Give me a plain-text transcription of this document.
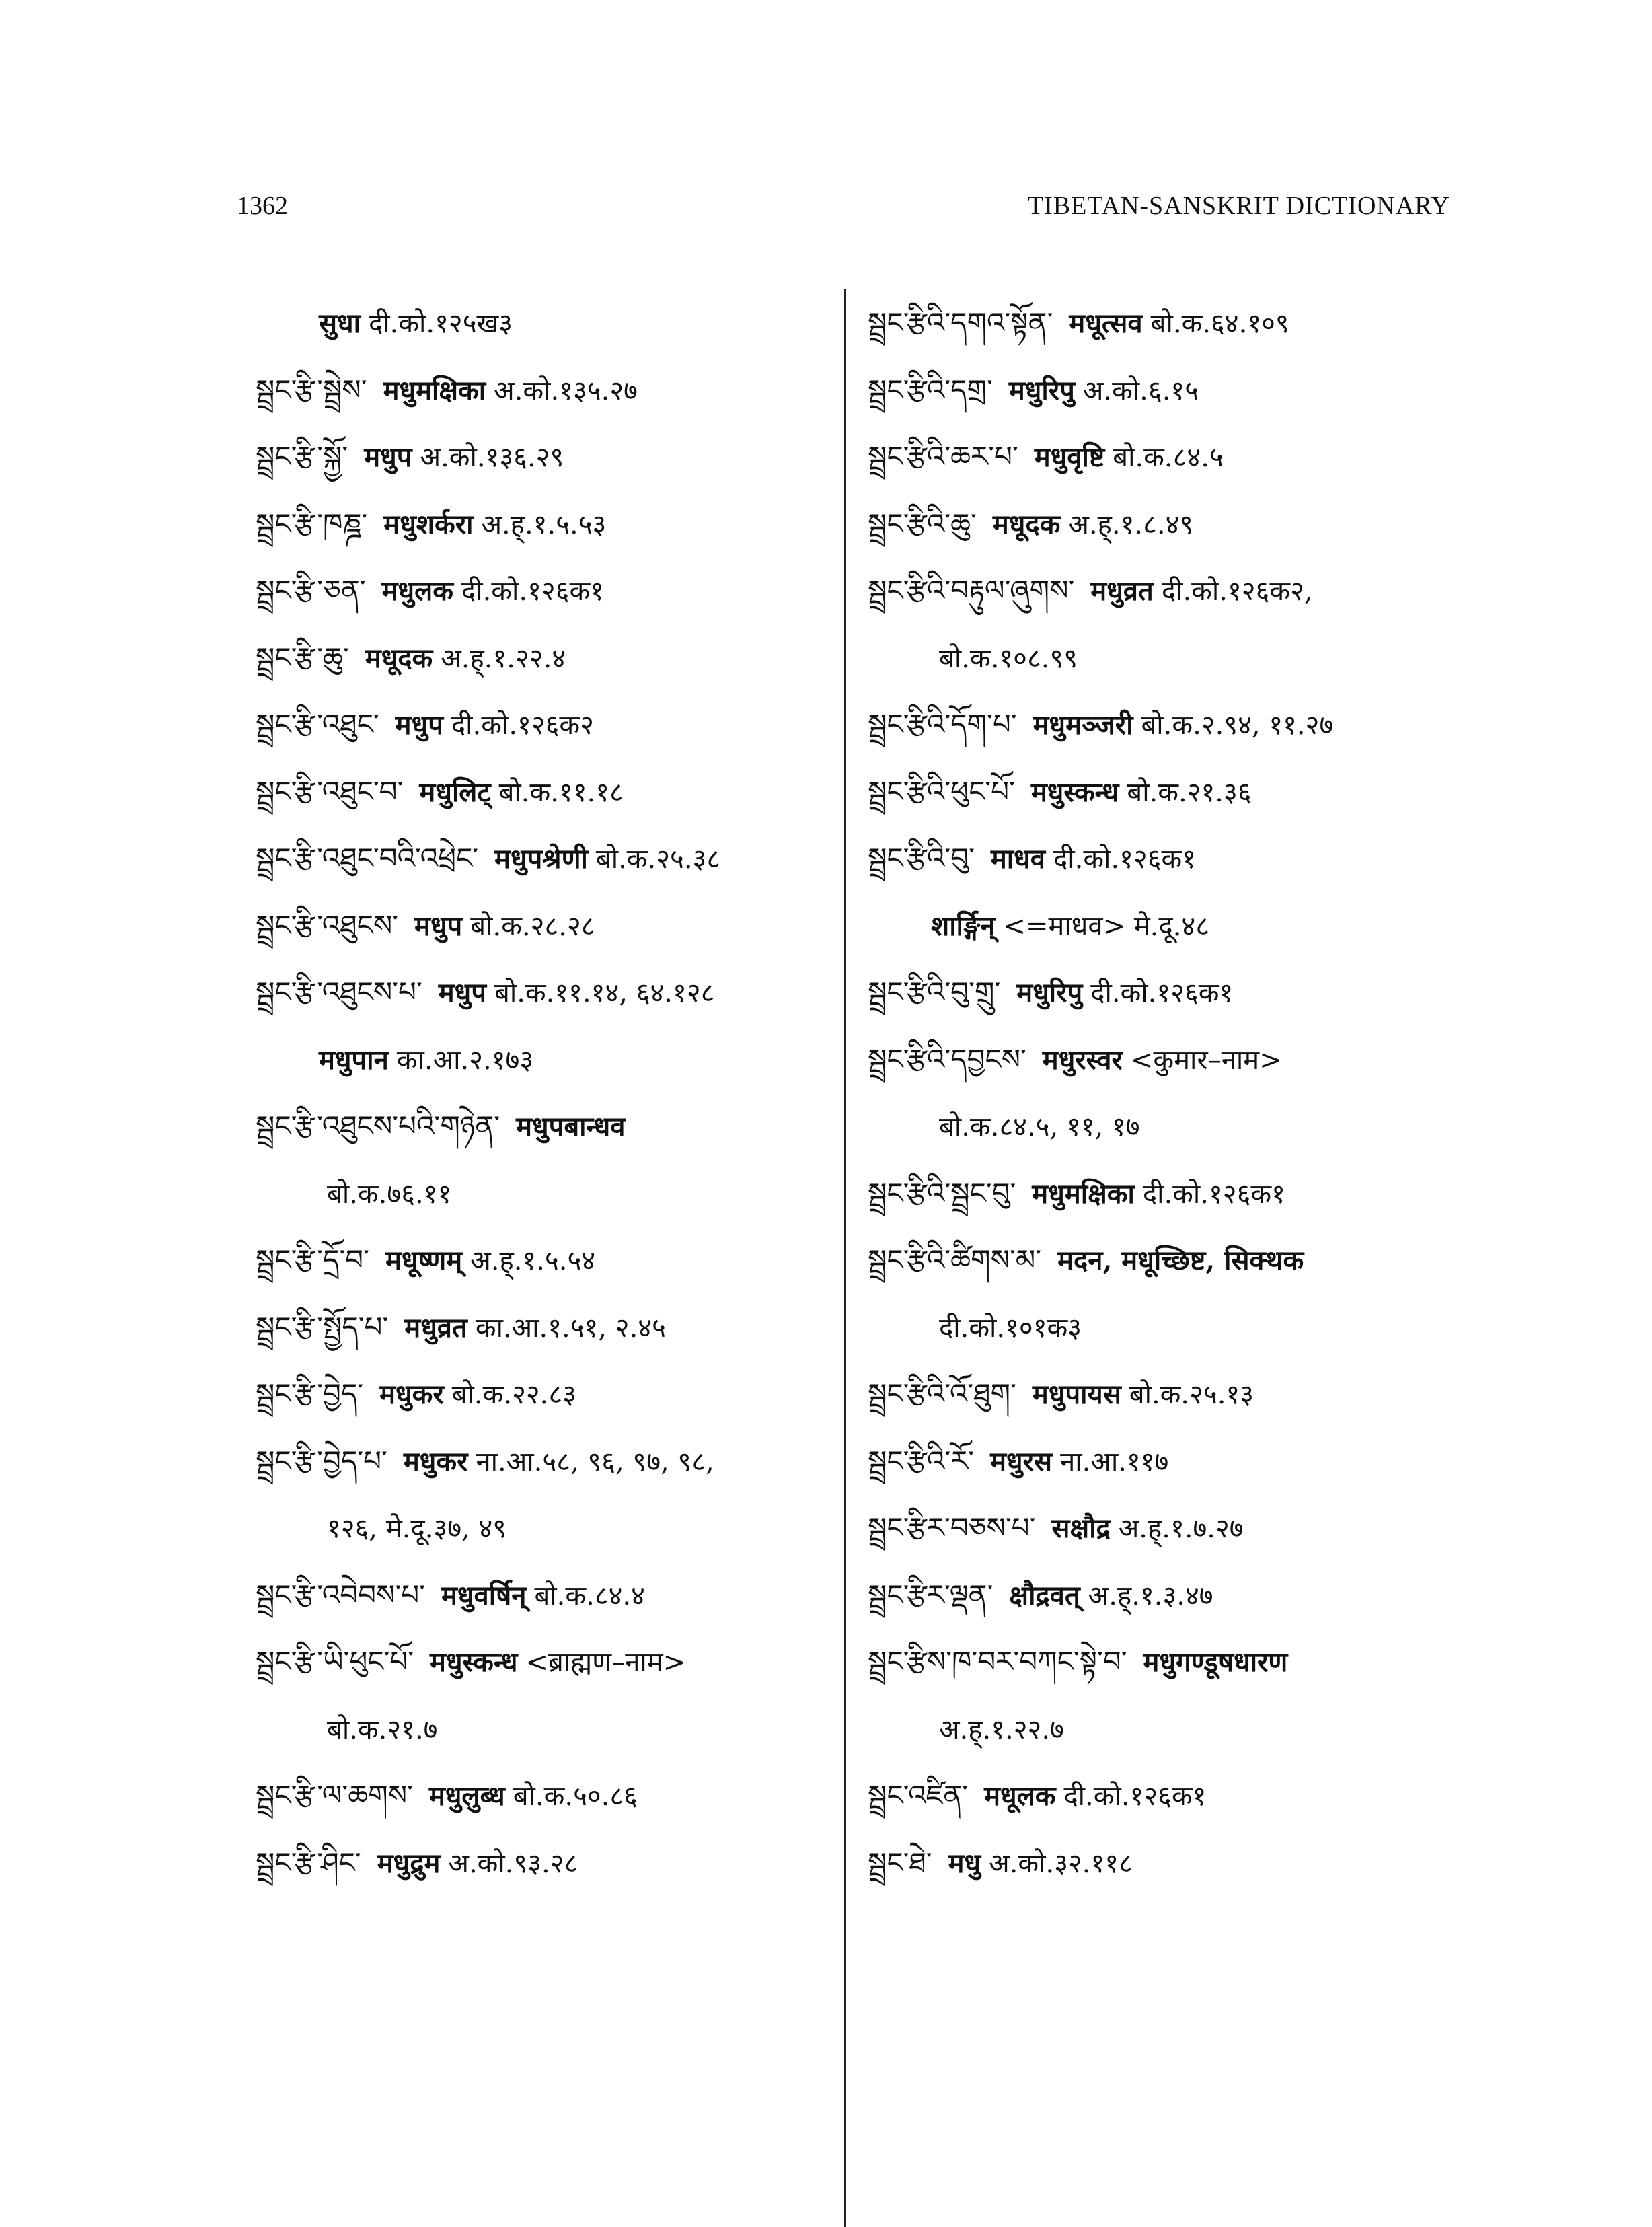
1362	TIBETAN-SANSKRIT DICTIONARY
सुधा दी.को.१२५ख३
སྦྲང་རྩི་སྦྲེས་ मधुमक्षिका अ.को.१३५.२७
སྦྲང་རྩི་སྐྱོ་ मधुप अ.को.१३६.२९
སྦྲང་རྩི་ཁཎྜ་ मधुशर्करा अ.ह्.१.५.५३
སྦྲང་རྩི་ཅན་ मधुलक दी.को.१२६क१
སྦྲང་རྩི་ཆུ་ मधूदक अ.ह्.१.२२.४
སྦྲང་རྩི་འཐུང་ मधुप दी.को.१२६क२
སྦྲང་རྩི་འཐུང་བ་ मधुलिट् बो.क.११.१८
སྦྲང་རྩི་འཐུང་བའི་འཕྲེང་ मधुपश्रेणी बो.क.२५.३८
སྦྲང་རྩི་འཐུངས་ मधुप बो.क.२८.२८
སྦྲང་རྩི་འཐུངས་པ་ मधुप बो.क.११.१४, ६४.१२८
मधुपान का.आ.२.१७३
སྦྲང་རྩི་འཐུངས་པའི་གཉེན་ मधुपबान्धव
बो.क.७६.११
སྦྲང་རྩི་དྲོ་བ་ मधूष्णम् अ.ह्.१.५.५४
སྦྲང་རྩི་སྤྱོད་པ་ मधुव्रत का.आ.१.५१, २.४५
སྦྲང་རྩི་བྱེད་ मधुकर बो.क.२२.८३
སྦྲང་རྩི་བྱེད་པ་ मधुकर ना.आ.५८, ९६, ९७, ९८,
१२६, मे.दू.३७, ४९
སྦྲང་རྩི་འབེབས་པ་ मधुवर्षिन् बो.क.८४.४
སྦྲང་རྩི་ཡི་ཕུང་པོ་ मधुस्कन्ध <ब्राह्मण–नाम>
बो.क.२१.७
སྦྲང་རྩི་ལ་ཆགས་ मधुलुब्ध बो.क.५०.८६
སྦྲང་རྩི་ཤིང་ मधुद्रुम अ.को.९३.२८
སྦྲང་རྩིའི་དགའ་སྟོན་ मधूत्सव बो.क.६४.१०९
སྦྲང་རྩིའི་དགྲ་ मधुरिपु अ.को.६.१५
སྦྲང་རྩིའི་ཆར་པ་ मधुवृष्टि बो.क.८४.५
སྦྲང་རྩིའི་ཆུ་ मधूदक अ.ह्.१.८.४९
སྦྲང་རྩིའི་བརྟུལ་ཞུགས་ मधुव्रत दी.को.१२६क२,
बो.क.१०८.९९
སྦྲང་རྩིའི་དོག་པ་ मधुमञ्जरी बो.क.२.९४, ११.२७
སྦྲང་རྩིའི་ཕུང་པོ་ मधुस्कन्ध बो.क.२१.३६
སྦྲང་རྩིའི་བུ་ माधव दी.को.१२६क१
शार्ङ्गिन् <=माधव> मे.दू.४८
སྦྲང་རྩིའི་བུ་གྲུ་ मधुरिपु दी.को.१२६क१
སྦྲང་རྩིའི་དབྱངས་ मधुरस्वर <कुमार–नाम>
बो.क.८४.५, ११, १७
སྦྲང་རྩིའི་སྦྲང་བུ་ मधुमक्षिका दी.को.१२६क१
སྦྲང་རྩིའི་ཚིགས་མ་ मदन, मधूच्छिष्ट, सिक्थक
दी.को.१०१क३
སྦྲང་རྩིའི་འོ་ཐུག་ मधुपायस बो.क.२५.१३
སྦྲང་རྩིའི་རོ་ मधुरस ना.आ.११७
སྦྲང་རྩིར་བཅས་པ་ सक्षौद्र अ.ह्.१.७.२७
སྦྲང་རྩིར་ལྡན་ क्षौद्रवत् अ.ह्.१.३.४७
སྦྲང་རྩིས་ཁ་བར་བཀང་སྟེ་བ་ मधुगण्डूषधारण
अ.ह्.१.२२.७
སྦྲང་འཛིན་ मधूलक दी.को.१२६क१
སྦྲང་ཐེ་ मधु अ.को.३२.११८
